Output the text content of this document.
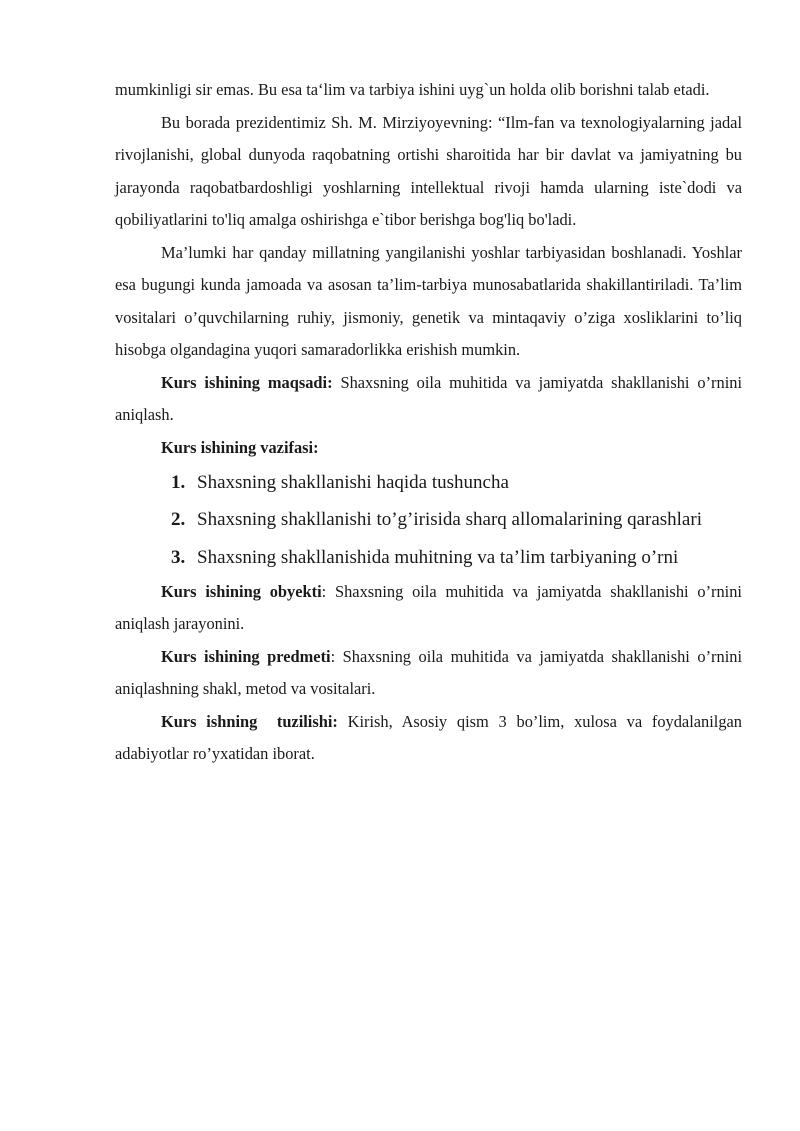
mumkinligi sir emas. Bu esa ta‘lim va tarbiya ishini uyg`un holda olib borishni talab etadi.

Bu borada prezidentimiz Sh. M. Mirziyoyevning: “Ilm-fan va texnologiyalarning jadal rivojlanishi, global dunyoda raqobatning ortishi sharoitida har bir davlat va jamiyatning bu jarayonda raqobatbardoshligi yoshlarning intellektual rivoji hamda ularning iste`dodi va qobiliyatlarini to'liq amalga oshirishga e`tibor berishga bog'liq bo'ladi.

Ma’lumki har qanday millatning yangilanishi yoshlar tarbiyasidan boshlanadi. Yoshlar esa bugungi kunda jamoada va asosan ta’lim-tarbiya munosabatlarida shakillantiriladi. Ta’lim vositalari o’quvchilarning ruhiy, jismoniy, genetik va mintaqaviy o’ziga xosliklarini to’liq hisobga olgandagina yuqori samaradorlikka erishish mumkin.

Kurs ishining maqsadi: Shaxsning oila muhitida va jamiyatda shakllanishi o’rnini aniqlash.

Kurs ishining vazifasi:

Shaxsning shakllanishi haqida tushuncha
Shaxsning shakllanishi to’g’irisida sharq allomalarining qarashlari
Shaxsning shakllanishida muhitning va ta’lim tarbiyaning o’rni

Kurs ishining obyekti: Shaxsning oila muhitida va jamiyatda shakllanishi o’rnini aniqlash jarayonini.

Kurs ishining predmeti: Shaxsning oila muhitida va jamiyatda shakllanishi o’rnini aniqlashning shakl, metod va vositalari.

Kurs ishning  tuzilishi: Kirish, Asosiy qism 3 bo’lim, xulosa va foydalanilgan adabiyotlar ro’yxatidan iborat.
